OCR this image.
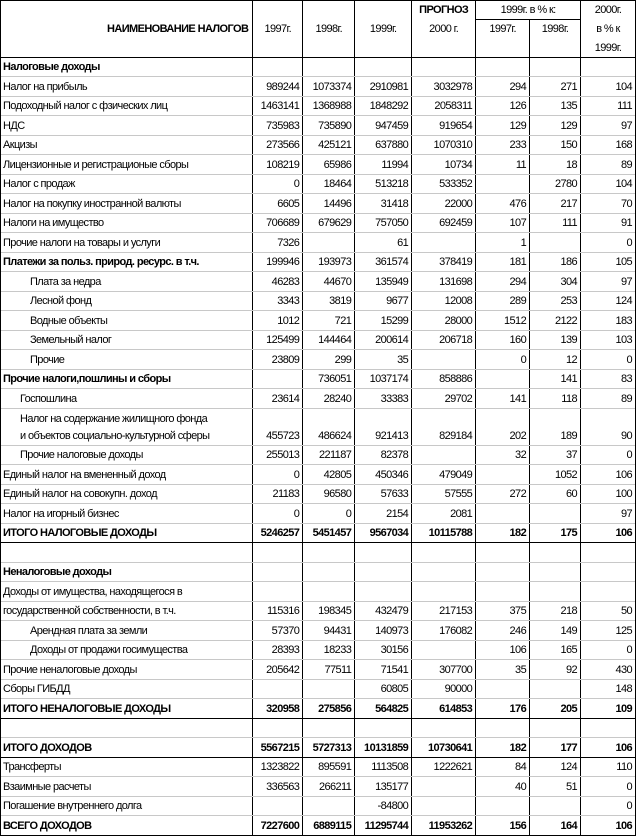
				ПРОГНОЗ	1999г. в % к:		2000г.
НАИМЕНОВАНИЕ НАЛОГОВ	1997г.	1998г.	1999г.	2000 г.	1997г.	1998г.	в % к
							1999г.
Налоговые доходы							
Налог на прибыль	989244	1073374	2910981	3032978	294	271	104
Подоходный налог с фзических лиц	1463141	1368988	1848292	2058311	126	135	111
НДС	735983	735890	947459	919654	129	129	97
Акцизы	273566	425121	637880	1070310	233	150	168
Лицензионные и регистрационые сборы	108219	65986	11994	10734	11	18	89
Налог с продаж	0	18464	513218	533352		2780	104
Налог на покупку иностранной валюты	6605	14496	31418	22000	476	217	70
Налоги на имущество	706689	679629	757050	692459	107	111	91
Прочие налоги на товары и услуги	7326		61		1		0
Платежи за польз. природ. ресурс. в т.ч.	199946	193973	361574	378419	181	186	105
Плата за недра	46283	44670	135949	131698	294	304	97
Лесной фонд	3343	3819	9677	12008	289	253	124
Водные объекты	1012	721	15299	28000	1512	2122	183
Земельный налог	125499	144464	200614	206718	160	139	103
Прочие	23809	299	35		0	12	0
Прочие налоги,пошлины и сборы		736051	1037174	858886		141	83
Госпошлина	23614	28240	33383	29702	141	118	89

Налог на содержание жилищного фонда
и объектов социально-культурной сферы	455723	486624	921413	829184	202	189	90
Прочие налоговые доходы	255013	221187	82378		32	37	0
Единый налог на вмененный доход	0	42805	450346	479049		1052	106
Единый налог на совокупн. доход	21183	96580	57633	57555	272	60	100
Налог на игорный бизнес	0	0	2154	2081			97
ИТОГО НАЛОГОВЫЕ ДОХОДЫ	5246257	5451457	9567034	10115788	182	175	106

Неналоговые доходы							
Доходы от имущества, находящегося в							
государственной собственности, в т.ч.	115316	198345	432479	217153	375	218	50
Арендная плата за земли	57370	94431	140973	176082	246	149	125
Доходы от продажи госимущества	28393	18233	30156		106	165	0
Прочие неналоговые доходы	205642	77511	71541	307700	35	92	430
Сборы ГИБДД			60805	90000			148
ИТОГО НЕНАЛОГОВЫЕ ДОХОДЫ	320958	275856	564825	614853	176	205	109

ИТОГО ДОХОДОВ	5567215	5727313	10131859	10730641	182	177	106
Трансферты	1323822	895591	1113508	1222621	84	124	110
Взаимные расчеты	336563	266211	135177		40	51	0
Погашение внутреннего долга			-84800				0
ВСЕГО ДОХОДОВ	7227600	6889115	11295744	11953262	156	164	106
